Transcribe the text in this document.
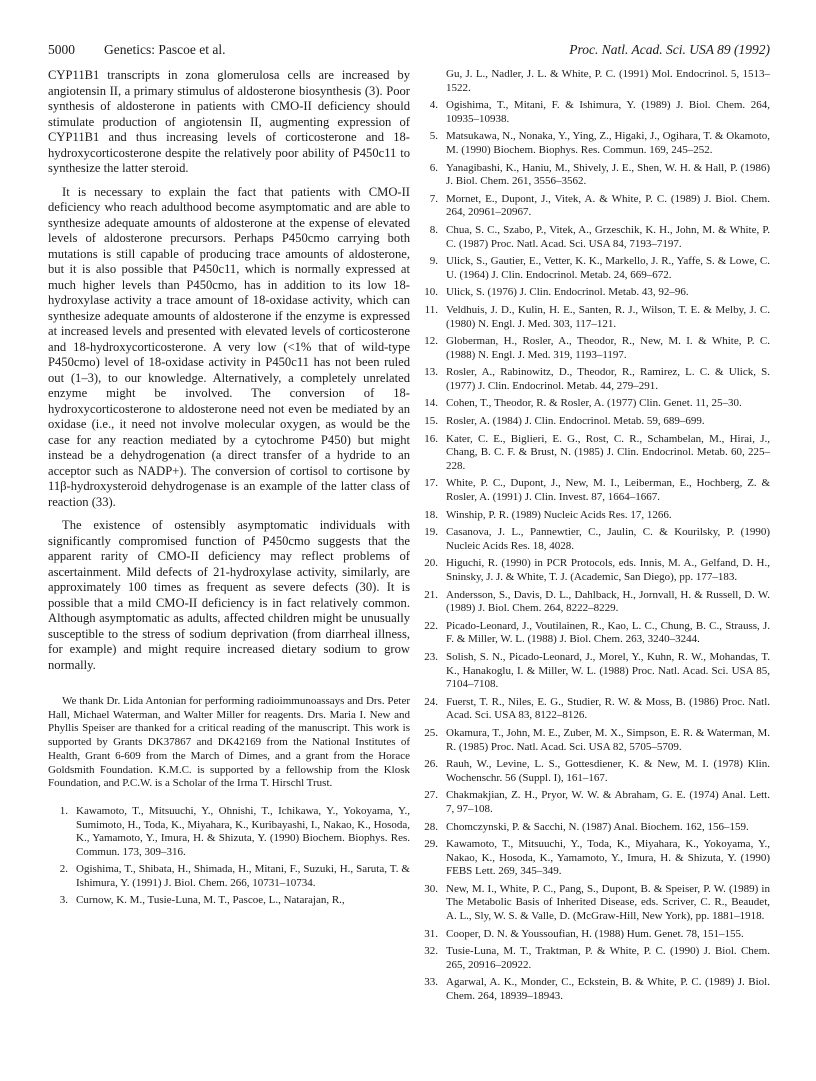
5000 Genetics: Pascoe et al.	Proc. Natl. Acad. Sci. USA 89 (1992)

CYP11B1 transcripts in zona glomerulosa cells are increased by angiotensin II, a primary stimulus of aldosterone biosynthesis (3). Poor synthesis of aldosterone in patients with CMO-II deficiency should stimulate production of angiotensin II, augmenting expression of CYP11B1 and thus increasing levels of corticosterone and 18-hydroxycorticosterone despite the relatively poor ability of P450c11 to synthesize the latter steroid.

It is necessary to explain the fact that patients with CMO-II deficiency who reach adulthood become asymptomatic and are able to synthesize adequate amounts of aldosterone at the expense of elevated levels of aldosterone precursors. Perhaps P450cmo carrying both mutations is still capable of producing trace amounts of aldosterone, but it is also possible that P450c11, which is normally expressed at much higher levels than P450cmo, has in addition to its low 18-hydroxylase activity a trace amount of 18-oxidase activity, which can synthesize adequate amounts of aldosterone if the enzyme is expressed at increased levels and presented with elevated levels of corticosterone and 18-hydroxycorticosterone. A very low (<1% that of wild-type P450cmo) level of 18-oxidase activity in P450c11 has not been ruled out (1–3), to our knowledge. Alternatively, a completely unrelated enzyme might be involved. The conversion of 18-hydroxycorticosterone to aldosterone need not even be mediated by an oxidase (i.e., it need not involve molecular oxygen, as would be the case for any reaction mediated by a cytochrome P450) but might instead be a dehydrogenation (a direct transfer of a hydride to an acceptor such as NADP+). The conversion of cortisol to cortisone by 11β-hydroxysteroid dehydrogenase is an example of the latter class of reaction (33).

The existence of ostensibly asymptomatic individuals with significantly compromised function of P450cmo suggests that the apparent rarity of CMO-II deficiency may reflect problems of ascertainment. Mild defects of 21-hydroxylase activity, similarly, are approximately 100 times as frequent as severe defects (30). It is possible that a mild CMO-II deficiency is in fact relatively common. Although asymptomatic as adults, affected children might be unusually susceptible to the stress of sodium deprivation (from diarrheal illness, for example) and might require increased dietary sodium to grow normally.

We thank Dr. Lida Antonian for performing radioimmunoassays and Drs. Peter Hall, Michael Waterman, and Walter Miller for reagents. Drs. Maria I. New and Phyllis Speiser are thanked for a critical reading of the manuscript. This work is supported by Grants DK37867 and DK42169 from the National Institutes of Health, Grant 6-609 from the March of Dimes, and a grant from the Horace Goldsmith Foundation. K.M.C. is supported by a fellowship from the Klosk Foundation, and P.C.W. is a Scholar of the Irma T. Hirschl Trust.

1. Kawamoto, T., Mitsuuchi, Y., Ohnishi, T., Ichikawa, Y., Yokoyama, Y., Sumimoto, H., Toda, K., Miyahara, K., Kuribayashi, I., Nakao, K., Hosoda, K., Yamamoto, Y., Imura, H. & Shizuta, Y. (1990) Biochem. Biophys. Res. Commun. 173, 309–316.
2. Ogishima, T., Shibata, H., Shimada, H., Mitani, F., Suzuki, H., Saruta, T. & Ishimura, Y. (1991) J. Biol. Chem. 266, 10731–10734.
3. Curnow, K. M., Tusie-Luna, M. T., Pascoe, L., Natarajan, R.,
Gu, J. L., Nadler, J. L. & White, P. C. (1991) Mol. Endocrinol. 5, 1513–1522.
4. Ogishima, T., Mitani, F. & Ishimura, Y. (1989) J. Biol. Chem. 264, 10935–10938.
5. Matsukawa, N., Nonaka, Y., Ying, Z., Higaki, J., Ogihara, T. & Okamoto, M. (1990) Biochem. Biophys. Res. Commun. 169, 245–252.
6. Yanagibashi, K., Haniu, M., Shively, J. E., Shen, W. H. & Hall, P. (1986) J. Biol. Chem. 261, 3556–3562.
7. Mornet, E., Dupont, J., Vitek, A. & White, P. C. (1989) J. Biol. Chem. 264, 20961–20967.
8. Chua, S. C., Szabo, P., Vitek, A., Grzeschik, K. H., John, M. & White, P. C. (1987) Proc. Natl. Acad. Sci. USA 84, 7193–7197.
9. Ulick, S., Gautier, E., Vetter, K. K., Markello, J. R., Yaffe, S. & Lowe, C. U. (1964) J. Clin. Endocrinol. Metab. 24, 669–672.
10. Ulick, S. (1976) J. Clin. Endocrinol. Metab. 43, 92–96.
11. Veldhuis, J. D., Kulin, H. E., Santen, R. J., Wilson, T. E. & Melby, J. C. (1980) N. Engl. J. Med. 303, 117–121.
12. Globerman, H., Rosler, A., Theodor, R., New, M. I. & White, P. C. (1988) N. Engl. J. Med. 319, 1193–1197.
13. Rosler, A., Rabinowitz, D., Theodor, R., Ramirez, L. C. & Ulick, S. (1977) J. Clin. Endocrinol. Metab. 44, 279–291.
14. Cohen, T., Theodor, R. & Rosler, A. (1977) Clin. Genet. 11, 25–30.
15. Rosler, A. (1984) J. Clin. Endocrinol. Metab. 59, 689–699.
16. Kater, C. E., Biglieri, E. G., Rost, C. R., Schambelan, M., Hirai, J., Chang, B. C. F. & Brust, N. (1985) J. Clin. Endocrinol. Metab. 60, 225–228.
17. White, P. C., Dupont, J., New, M. I., Leiberman, E., Hochberg, Z. & Rosler, A. (1991) J. Clin. Invest. 87, 1664–1667.
18. Winship, P. R. (1989) Nucleic Acids Res. 17, 1266.
19. Casanova, J. L., Pannewtier, C., Jaulin, C. & Kourilsky, P. (1990) Nucleic Acids Res. 18, 4028.
20. Higuchi, R. (1990) in PCR Protocols, eds. Innis, M. A., Gelfand, D. H., Sninsky, J. J. & White, T. J. (Academic, San Diego), pp. 177–183.
21. Andersson, S., Davis, D. L., Dahlback, H., Jornvall, H. & Russell, D. W. (1989) J. Biol. Chem. 264, 8222–8229.
22. Picado-Leonard, J., Voutilainen, R., Kao, L. C., Chung, B. C., Strauss, J. F. & Miller, W. L. (1988) J. Biol. Chem. 263, 3240–3244.
23. Solish, S. N., Picado-Leonard, J., Morel, Y., Kuhn, R. W., Mohandas, T. K., Hanakoglu, I. & Miller, W. L. (1988) Proc. Natl. Acad. Sci. USA 85, 7104–7108.
24. Fuerst, T. R., Niles, E. G., Studier, R. W. & Moss, B. (1986) Proc. Natl. Acad. Sci. USA 83, 8122–8126.
25. Okamura, T., John, M. E., Zuber, M. X., Simpson, E. R. & Waterman, M. R. (1985) Proc. Natl. Acad. Sci. USA 82, 5705–5709.
26. Rauh, W., Levine, L. S., Gottesdiener, K. & New, M. I. (1978) Klin. Wochenschr. 56 (Suppl. I), 161–167.
27. Chakmakjian, Z. H., Pryor, W. W. & Abraham, G. E. (1974) Anal. Lett. 7, 97–108.
28. Chomczynski, P. & Sacchi, N. (1987) Anal. Biochem. 162, 156–159.
29. Kawamoto, T., Mitsuuchi, Y., Toda, K., Miyahara, K., Yokoyama, Y., Nakao, K., Hosoda, K., Yamamoto, Y., Imura, H. & Shizuta, Y. (1990) FEBS Lett. 269, 345–349.
30. New, M. I., White, P. C., Pang, S., Dupont, B. & Speiser, P. W. (1989) in The Metabolic Basis of Inherited Disease, eds. Scriver, C. R., Beaudet, A. L., Sly, W. S. & Valle, D. (McGraw-Hill, New York), pp. 1881–1918.
31. Cooper, D. N. & Youssoufian, H. (1988) Hum. Genet. 78, 151–155.
32. Tusie-Luna, M. T., Traktman, P. & White, P. C. (1990) J. Biol. Chem. 265, 20916–20922.
33. Agarwal, A. K., Monder, C., Eckstein, B. & White, P. C. (1989) J. Biol. Chem. 264, 18939–18943.
